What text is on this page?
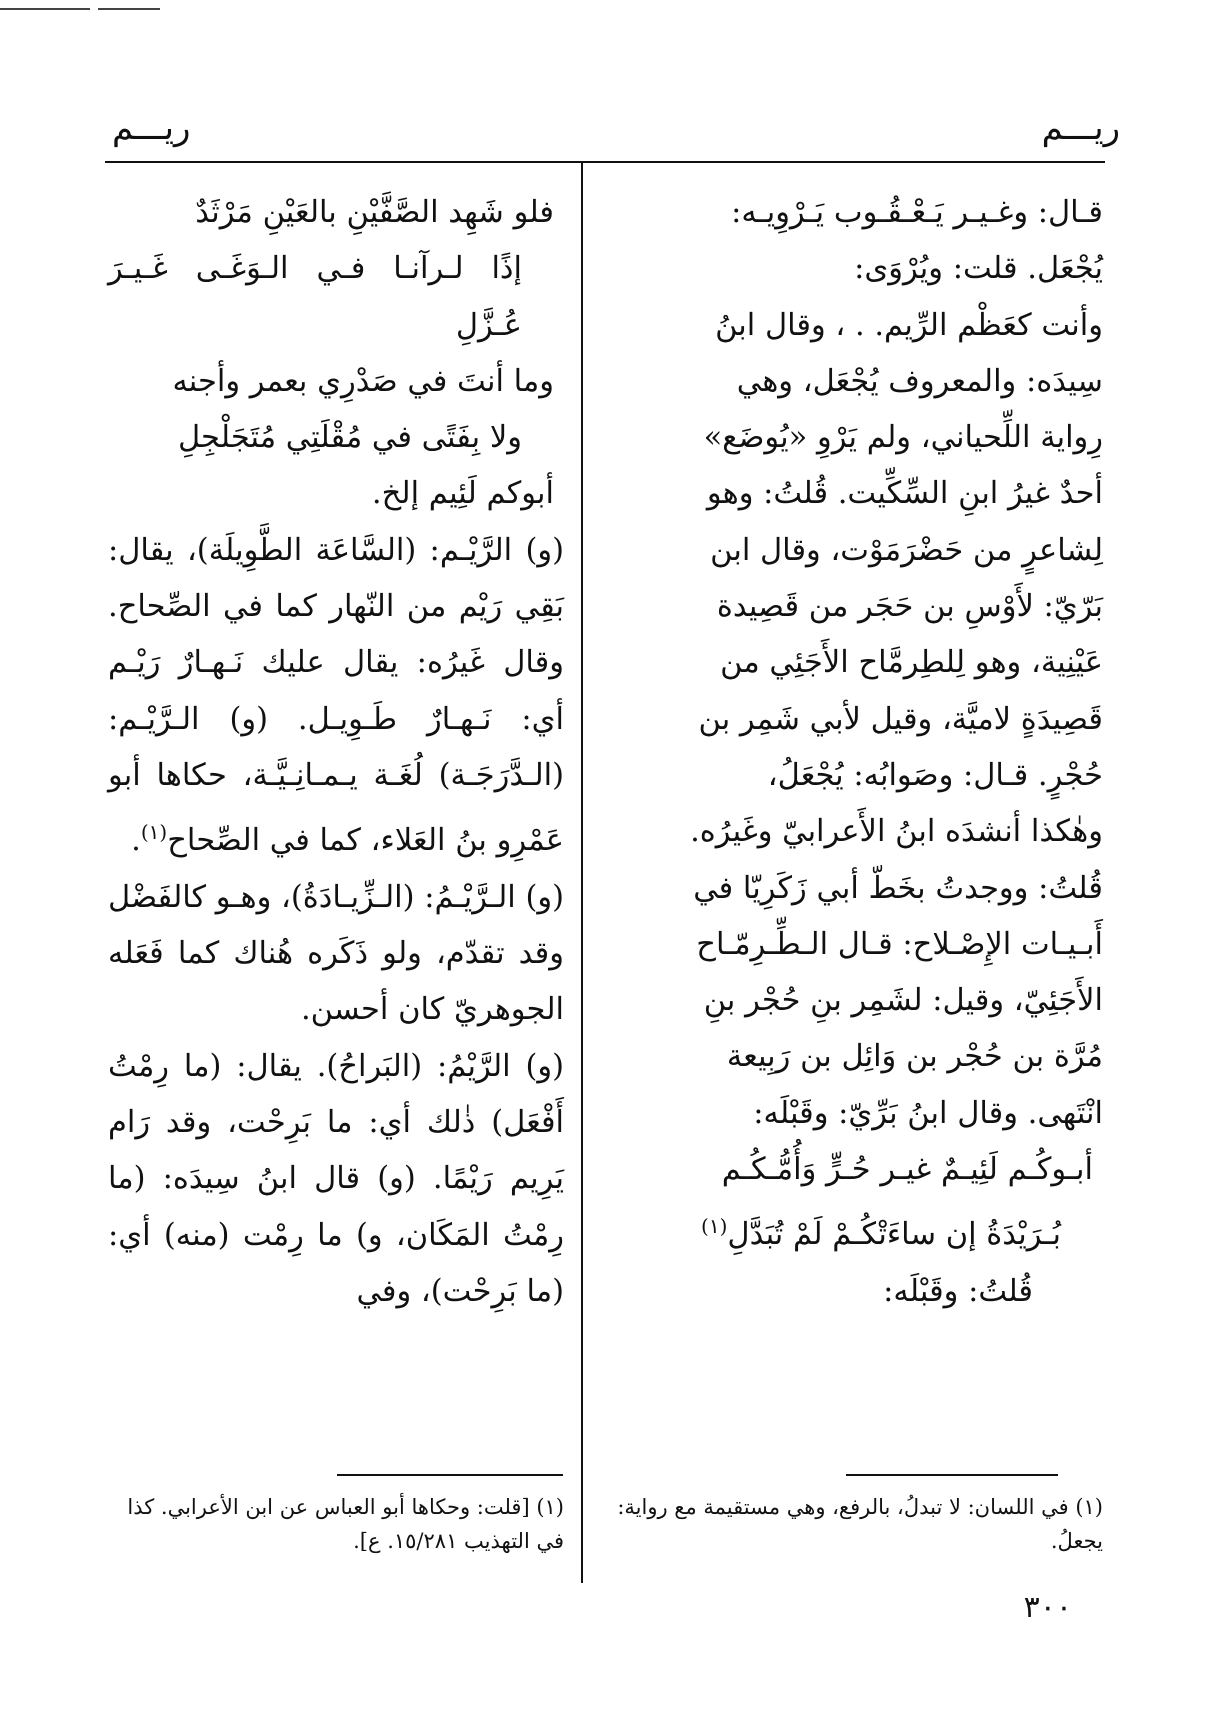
ريـــم
ريـــم

قـال: وغـيـر يَـعْـقُـوب يَـرْوِيـه:

يُجْعَل. قلت: ويُرْوَى:

وأنت كعَظْم الرِّيم. . ، وقال ابنُ

سِيدَه: والمعروف يُجْعَل، وهي

رِواية اللِّحياني، ولم يَرْوِ «يُوضَع»

أحدٌ غيرُ ابنِ السِّكِّيت. قُلتُ: وهو

لِشاعرٍ من حَضْرَمَوْت، وقال ابن

بَرّيّ: لأَوْسِ بن حَجَر من قَصِيدة

عَيْنِية، وهو لِلطِرمَّاح الأَجَئِي من

قَصِيدَةٍ لاميَّة، وقيل لأبي شَمِر بن

حُجْرٍ. قـال: وصَوابُه: يُجْعَلُ،

وهٰكذا أنشدَه ابنُ الأَعرابيّ وغَيرُه.

قُلتُ: ووجدتُ بخَطّ أبي زَكَرِيّا في

أَبـيـات الإِصْـلاح: قـال الـطِّـرِمّـاح

الأَجَئِيّ، وقيل: لشَمِر بنِ حُجْر بنِ

مُرَّة بن حُجْر بن وَائِل بن رَبِيعة

انْتَهى. وقال ابنُ بَرِّيّ: وقَبْلَه:

أبـوكُـم لَئِيـمٌ غيـر حُـرٍّ وَأُمُّـكُـم

بُـرَيْدَةُ إن ساءَتْكُـمْ لَمْ تُبَدَّلِ$^{(١)}$

قُلتُ: وقَبْلَه:

فلو شَهِد الصَّفَّيْنِ بالعَيْنِ مَرْثَدٌ

إذًا لـرآنـا فـي الـوَغَـى غَـيـرَ عُـزَّلِ

وما أنتَ في صَدْرِي بعمر وأجنه

ولا بِفَتًى في مُقْلَتِي مُتَجَلْجِلِ

أبوكم لَئِيم إلخ.

(و) الرَّيْـم: (السَّاعَة الطَّوِيلَة)، يقال: بَقِي رَيْم من النّهار كما في الصِّحاح. وقال غَيرُه: يقال عليك نَـهـارٌ رَيْـم أي: نَـهـارٌ طَـوِيـل. (و) الـرَّيْـم: (الـدَّرَجَـة) لُغَـة يـمـانِـيَّـة، حكاها أبو عَمْرِو بنُ العَلاء، كما في الصِّحاح$^{(١)}$.

(و) الـرَّيْـمُ: (الـزِّيـادَةُ)، وهـو كالفَضْل وقد تقدّم، ولو ذَكَره هُناك كما فَعَله الجوهريّ كان أحسن.

(و) الرَّيْمُ: (البَراحُ). يقال: (ما رِمْتُ أَفْعَل) ذٰلك أي: ما بَرِحْت، وقد رَام يَرِيم رَيْمًا. (و) قال ابنُ سِيدَه: (ما رِمْتُ المَكَان، و) ما رِمْت (منه) أي: (ما بَرِحْت)، وفي

(١) في اللسان: لا تبدلُ، بالرفع، وهي مستقيمة مع رواية: يجعلُ.
(١) [قلت: وحكاها أبو العباس عن ابن الأعرابي. كذا في التهذيب ١٥/٢٨١. ع].
٣٠٠
